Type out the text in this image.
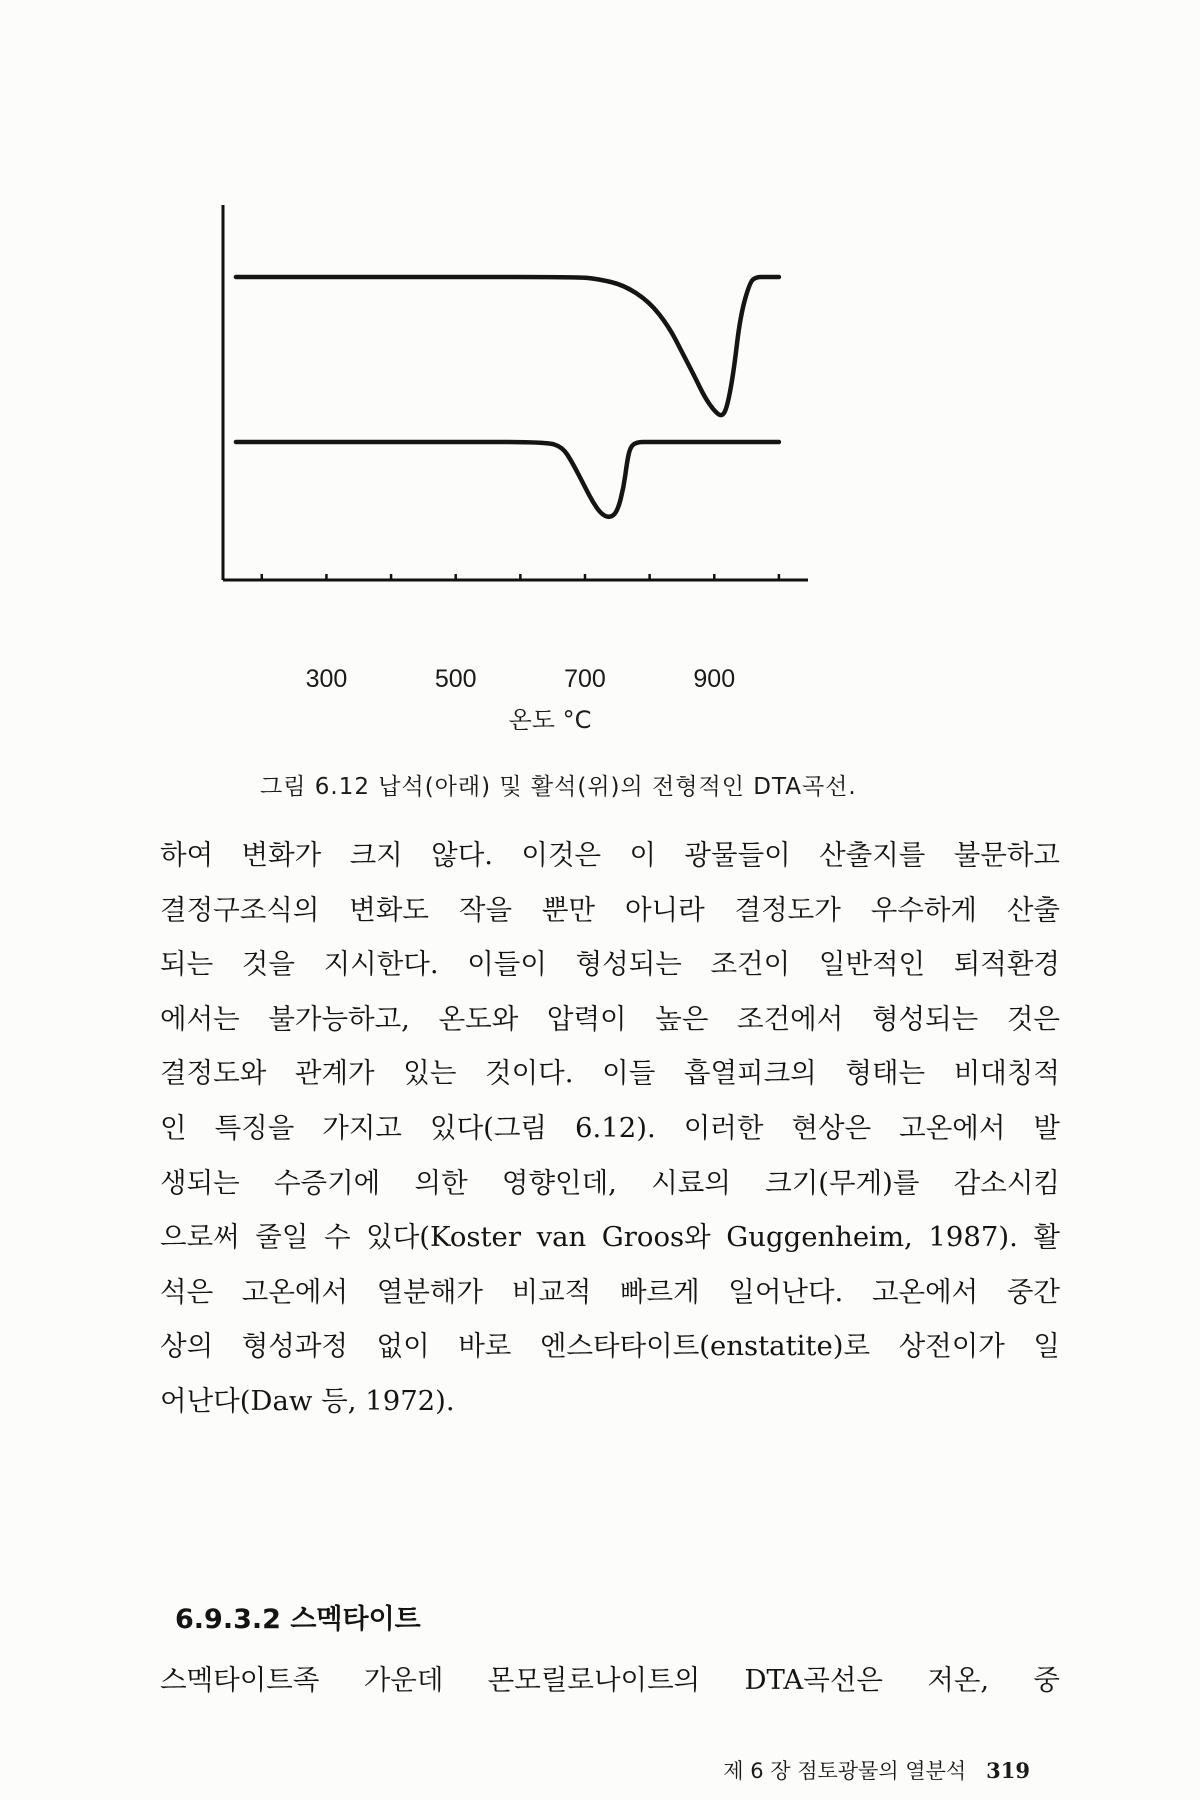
300	500	700	900
온도 °C
그림 6.12 납석(아래) 및 활석(위)의 전형적인 DTA곡선.
하여 변화가 크지 않다. 이것은 이 광물들이 산출지를 불문하고
결정구조식의 변화도 작을 뿐만 아니라 결정도가 우수하게 산출
되는 것을 지시한다. 이들이 형성되는 조건이 일반적인 퇴적환경
에서는 불가능하고, 온도와 압력이 높은 조건에서 형성되는 것은
결정도와 관계가 있는 것이다. 이들 흡열피크의 형태는 비대칭적
인 특징을 가지고 있다(그림 6.12). 이러한 현상은 고온에서 발
생되는 수증기에 의한 영향인데, 시료의 크기(무게)를 감소시킴
으로써 줄일 수 있다(Koster van Groos와 Guggenheim, 1987). 활
석은 고온에서 열분해가 비교적 빠르게 일어난다. 고온에서 중간
상의 형성과정 없이 바로 엔스타타이트(enstatite)로 상전이가 일
어난다(Daw 등, 1972).
6.9.3.2 스멕타이트
스멕타이트족 가운데 몬모릴로나이트의 DTA곡선은 저온, 중
제 6 장 점토광물의 열분석 319
